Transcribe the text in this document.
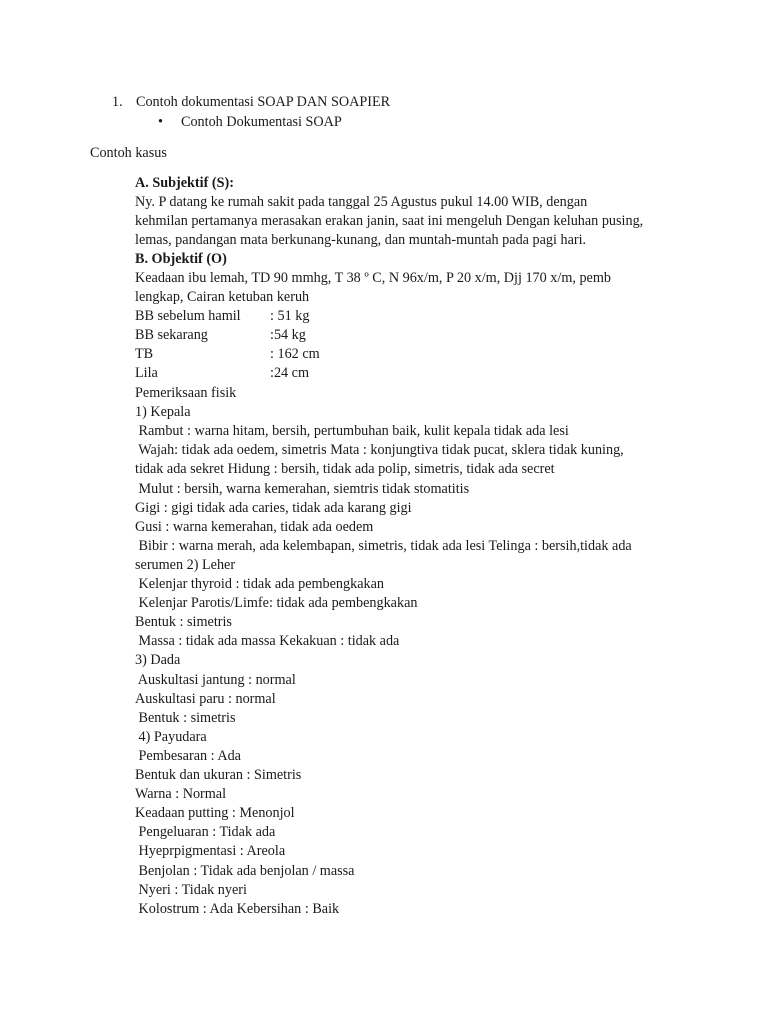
1. Contoh dokumentasi SOAP DAN SOAPIER
• Contoh Dokumentasi SOAP
Contoh kasus
A. Subjektif (S):
Ny. P datang ke rumah sakit pada tanggal 25 Agustus pukul 14.00 WIB, dengan
kehmilan pertamanya merasakan erakan janin, saat ini mengeluh Dengan keluhan pusing,
lemas, pandangan mata berkunang-kunang, dan muntah-muntah pada pagi hari.
B. Objektif (O)
Keadaan ibu lemah, TD 90 mmhg, T 38 º C, N 96x/m, P 20 x/m, Djj 170 x/m, pemb
lengkap, Cairan ketuban keruh
BB sebelum hamil : 51 kg
BB sekarang	:54 kg
TB	: 162 cm
Lila	:24 cm
Pemeriksaan fisik
1) Kepala
Rambut : warna hitam, bersih, pertumbuhan baik, kulit kepala tidak ada lesi
Wajah: tidak ada oedem, simetris Mata : konjungtiva tidak pucat, sklera tidak kuning,
tidak ada sekret Hidung : bersih, tidak ada polip, simetris, tidak ada secret
Mulut : bersih, warna kemerahan, siemtris tidak stomatitis
Gigi : gigi tidak ada caries, tidak ada karang gigi
Gusi : warna kemerahan, tidak ada oedem
Bibir : warna merah, ada kelembapan, simetris, tidak ada lesi Telinga : bersih,tidak ada
serumen 2) Leher
Kelenjar thyroid : tidak ada pembengkakan
Kelenjar Parotis/Limfe: tidak ada pembengkakan
Bentuk : simetris
Massa : tidak ada massa Kekakuan : tidak ada
3) Dada
Auskultasi jantung : normal
Auskultasi paru : normal
Bentuk : simetris
4) Payudara
Pembesaran : Ada
Bentuk dan ukuran : Simetris
Warna : Normal
Keadaan putting : Menonjol
Pengeluaran : Tidak ada
Hyeprpigmentasi : Areola
Benjolan : Tidak ada benjolan / massa
Nyeri : Tidak nyeri
Kolostrum : Ada Kebersihan : Baik
